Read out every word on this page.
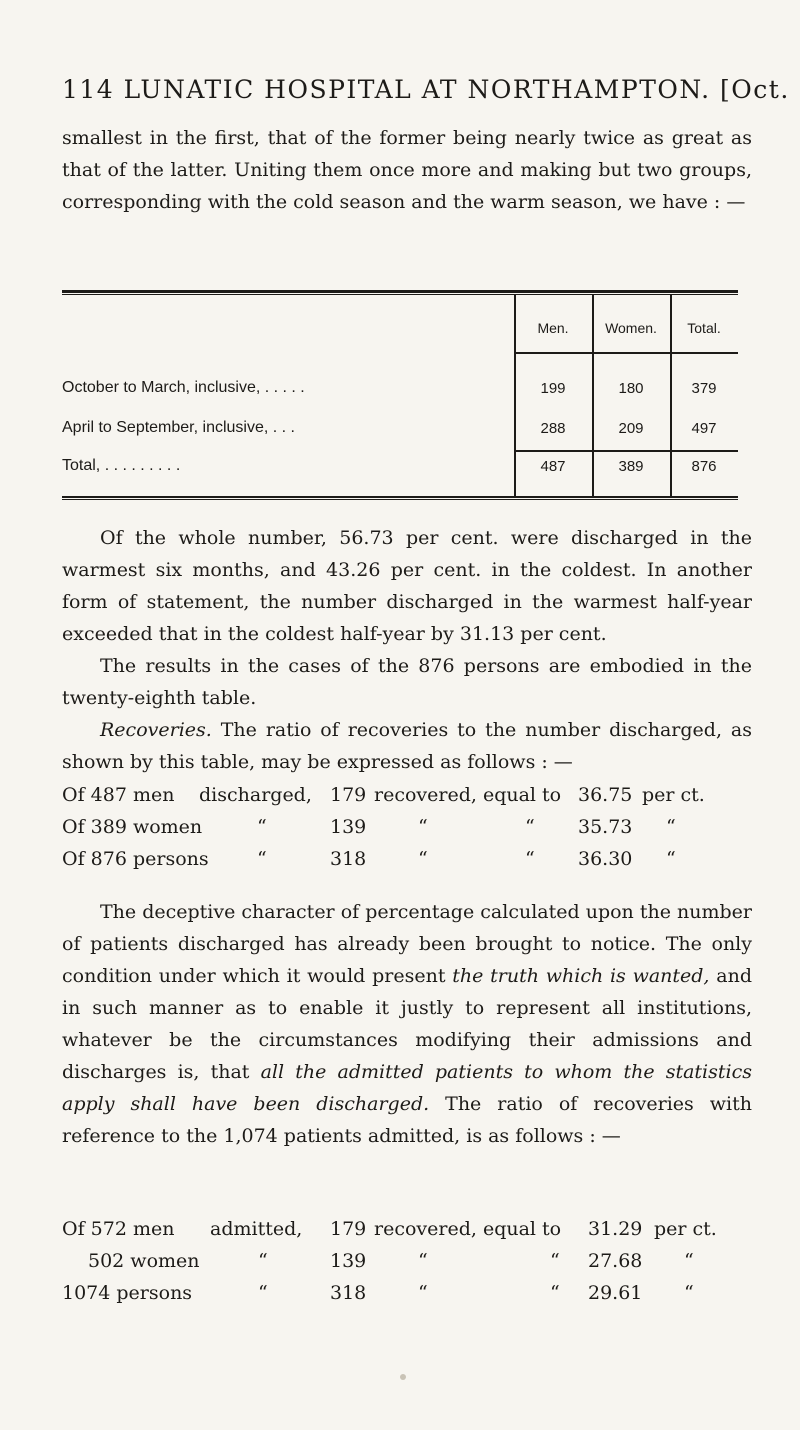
114 LUNATIC HOSPITAL AT NORTHAMPTON. [Oct.
smallest in the first, that of the former being nearly twice as great as that of the latter. Uniting them once more and making but two groups, corresponding with the cold season and the warm season, we have : —
Men.	Women.	Total.
October to March, inclusive, . . . . .	199	180	379
April to September, inclusive, . . .	288	209	497
Total, . . . . . . . . .	487	389	876
Of the whole number, 56.73 per cent. were discharged in the warmest six months, and 43.26 per cent. in the coldest. In another form of statement, the number discharged in the warmest half-year exceeded that in the coldest half-year by 31.13 per cent.
The results in the cases of the 876 persons are embodied in the twenty-eighth table.
Recoveries. The ratio of recoveries to the number discharged, as shown by this table, may be expressed as follows : —
Of 487 men discharged, 179 recovered, equal to 36.75 per ct.
Of 389 women	“	139	“	“ 35.73 “
Of 876 persons	“	318	“	“ 36.30 “
The deceptive character of percentage calculated upon the number of patients discharged has already been brought to notice. The only condition under which it would present the truth which is wanted, and in such manner as to enable it justly to represent all institutions, whatever be the circumstances modifying their admissions and discharges is, that all the admitted patients to whom the statistics apply shall have been discharged. The ratio of recoveries with reference to the 1,074 patients admitted, is as follows : —
Of 572 men admitted, 179 recovered, equal to 31.29 per ct.
502 women	“	139	“	“ 27.68 “
1074 persons	“	318	“	“ 29.61 “
